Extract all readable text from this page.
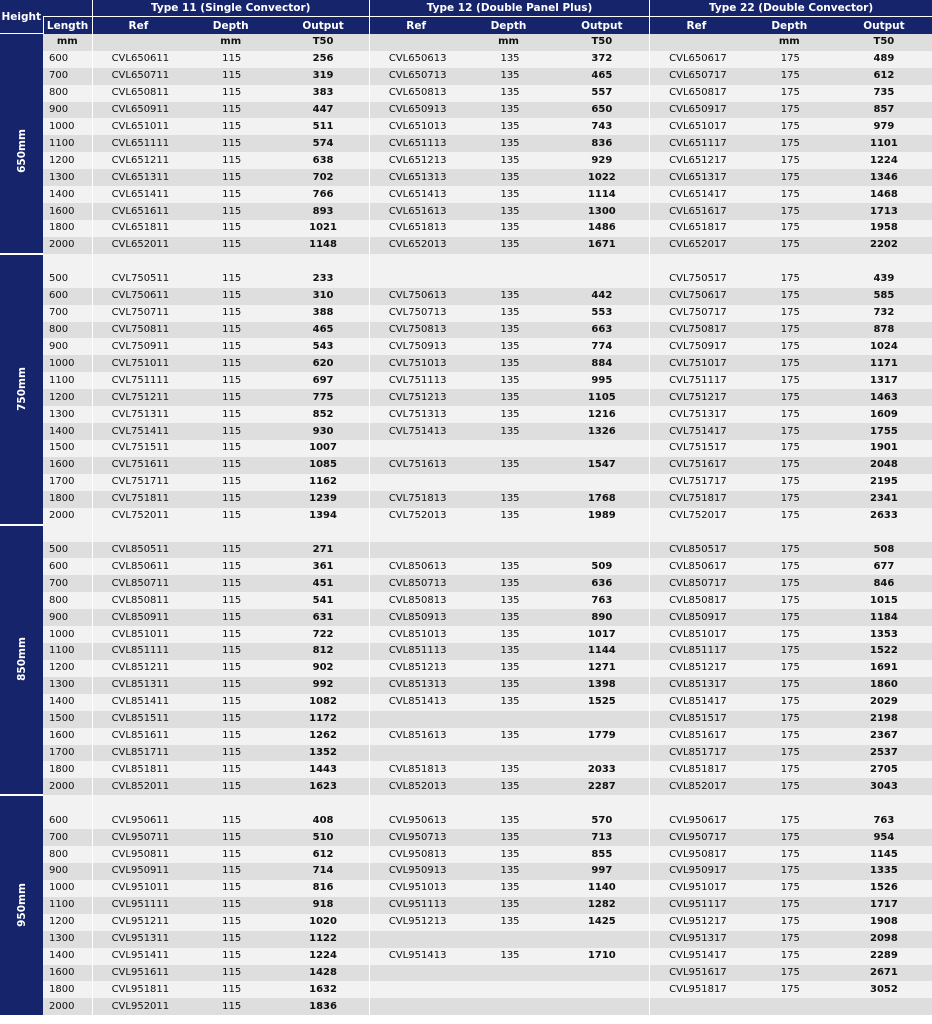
Height		Type 11 (Single Convector)			Type 12 (Double Panel Plus)			Type 22 (Double Convector)		
	Length	Ref	Depth	Output	Ref	Depth	Output	Ref	Depth	Output
	mm		mm	T50		mm	T50		mm	T50
650mm	600	CVL650611	115	256	CVL650613	135	372	CVL650617	175	489
	700	CVL650711	115	319	CVL650713	135	465	CVL650717	175	612
	800	CVL650811	115	383	CVL650813	135	557	CVL650817	175	735
	900	CVL650911	115	447	CVL650913	135	650	CVL650917	175	857
	1000	CVL651011	115	511	CVL651013	135	743	CVL651017	175	979
	1100	CVL651111	115	574	CVL651113	135	836	CVL651117	175	1101
	1200	CVL651211	115	638	CVL651213	135	929	CVL651217	175	1224
	1300	CVL651311	115	702	CVL651313	135	1022	CVL651317	175	1346
	1400	CVL651411	115	766	CVL651413	135	1114	CVL651417	175	1468
	1600	CVL651611	115	893	CVL651613	135	1300	CVL651617	175	1713
	1800	CVL651811	115	1021	CVL651813	135	1486	CVL651817	175	1958
	2000	CVL652011	115	1148	CVL652013	135	1671	CVL652017	175	2202
750mm										
	500	CVL750511	115	233				CVL750517	175	439
	600	CVL750611	115	310	CVL750613	135	442	CVL750617	175	585
	700	CVL750711	115	388	CVL750713	135	553	CVL750717	175	732
	800	CVL750811	115	465	CVL750813	135	663	CVL750817	175	878
	900	CVL750911	115	543	CVL750913	135	774	CVL750917	175	1024
	1000	CVL751011	115	620	CVL751013	135	884	CVL751017	175	1171
	1100	CVL751111	115	697	CVL751113	135	995	CVL751117	175	1317
	1200	CVL751211	115	775	CVL751213	135	1105	CVL751217	175	1463
	1300	CVL751311	115	852	CVL751313	135	1216	CVL751317	175	1609
	1400	CVL751411	115	930	CVL751413	135	1326	CVL751417	175	1755
	1500	CVL751511	115	1007				CVL751517	175	1901
	1600	CVL751611	115	1085	CVL751613	135	1547	CVL751617	175	2048
	1700	CVL751711	115	1162				CVL751717	175	2195
	1800	CVL751811	115	1239	CVL751813	135	1768	CVL751817	175	2341
	2000	CVL752011	115	1394	CVL752013	135	1989	CVL752017	175	2633
850mm										
	500	CVL850511	115	271				CVL850517	175	508
	600	CVL850611	115	361	CVL850613	135	509	CVL850617	175	677
	700	CVL850711	115	451	CVL850713	135	636	CVL850717	175	846
	800	CVL850811	115	541	CVL850813	135	763	CVL850817	175	1015
	900	CVL850911	115	631	CVL850913	135	890	CVL850917	175	1184
	1000	CVL851011	115	722	CVL851013	135	1017	CVL851017	175	1353
	1100	CVL851111	115	812	CVL851113	135	1144	CVL851117	175	1522
	1200	CVL851211	115	902	CVL851213	135	1271	CVL851217	175	1691
	1300	CVL851311	115	992	CVL851313	135	1398	CVL851317	175	1860
	1400	CVL851411	115	1082	CVL851413	135	1525	CVL851417	175	2029
	1500	CVL851511	115	1172				CVL851517	175	2198
	1600	CVL851611	115	1262	CVL851613	135	1779	CVL851617	175	2367
	1700	CVL851711	115	1352				CVL851717	175	2537
	1800	CVL851811	115	1443	CVL851813	135	2033	CVL851817	175	2705
	2000	CVL852011	115	1623	CVL852013	135	2287	CVL852017	175	3043
950mm										
	600	CVL950611	115	408	CVL950613	135	570	CVL950617	175	763
	700	CVL950711	115	510	CVL950713	135	713	CVL950717	175	954
	800	CVL950811	115	612	CVL950813	135	855	CVL950817	175	1145
	900	CVL950911	115	714	CVL950913	135	997	CVL950917	175	1335
	1000	CVL951011	115	816	CVL951013	135	1140	CVL951017	175	1526
	1100	CVL951111	115	918	CVL951113	135	1282	CVL951117	175	1717
	1200	CVL951211	115	1020	CVL951213	135	1425	CVL951217	175	1908
	1300	CVL951311	115	1122				CVL951317	175	2098
	1400	CVL951411	115	1224	CVL951413	135	1710	CVL951417	175	2289
	1600	CVL951611	115	1428				CVL951617	175	2671
	1800	CVL951811	115	1632				CVL951817	175	3052
	2000	CVL952011	115	1836						
